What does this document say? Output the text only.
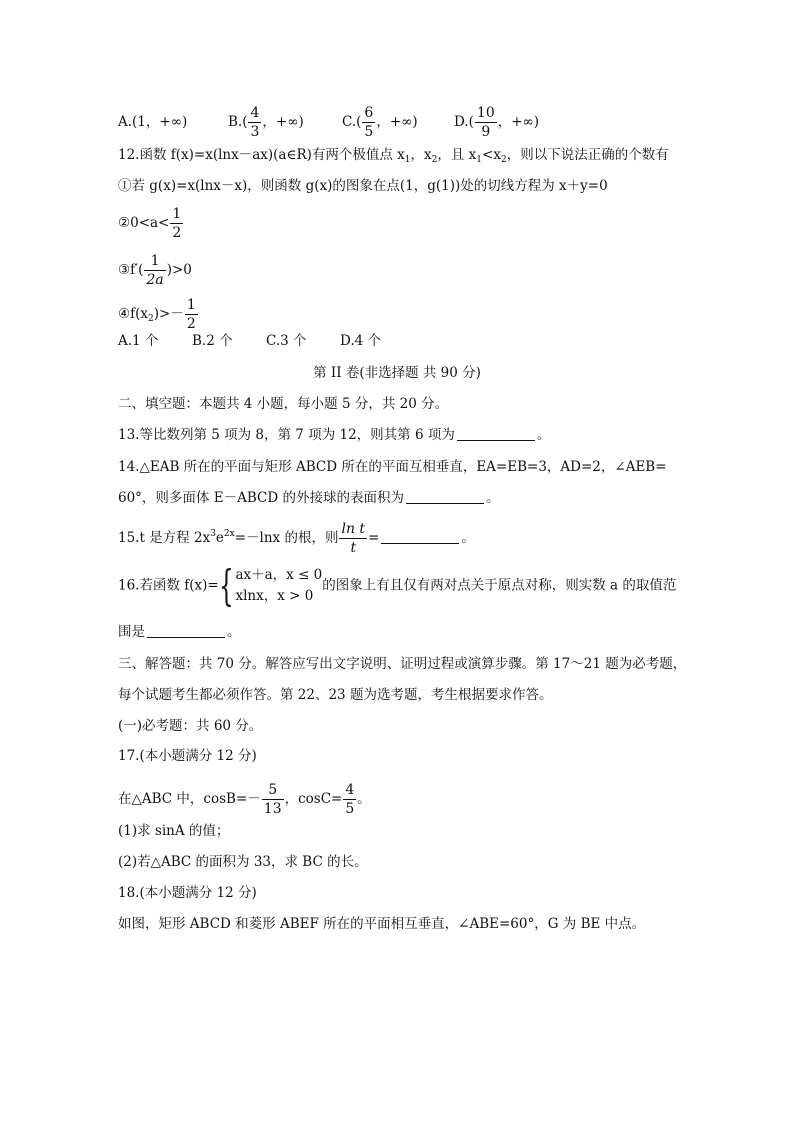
A.(1，+∞)	$B.( \frac{4}{3}$ ，+∞)	$C.( \frac{6}{5}$ ，+∞)	$D.( \frac{10}{9}$ ，+∞)
12.函数 f(x)=x(lnx－ax)(a∈R)有两个极值点 $x_1$，$x_2$，且 $x_1<x_2$，则以下说法正确的个数有
①若 g(x)=x(lnx－x)，则函数 g(x)的图象在点(1，g(1))处的切线方程为 x＋y=0
②0<a< $\frac{1}{2}$
③f′( $\frac{1}{2a} )>0$
$④f(x_2)>- \frac{1}{2}$
A.1 个 B.2 个 C.3 个 D.4 个
第 II 卷(非选择题 共 90 分)
二、填空题：本题共 4 小题，每小题 5 分，共 20 分。
13.等比数列第 5 项为 8，第 7 项为 12，则其第 6 项为	。
14.△EAB 所在的平面与矩形 ABCD 所在的平面互相垂直，EA=EB=3，AD=2，∠AEB=
60°，则多面体 E－ABCD 的外接球的表面积为	。
15.t 是方程 $2x^3e^{2x}=-\ln x$ 的根，则 $\frac{\text{ln t}}{t}$ =	。
16.若函数 f(x)={ ax＋a，x ≤ 0
xlnx，x > 0
的图象上有且仅有两对点关于原点对称，则实数 a 的取值范
围是	。
三、解答题：共 70 分。解答应写出文字说明、证明过程或演算步骤。第 17～21 题为必考题，
每个试题考生都必须作答。第 22、23 题为选考题，考生根据要求作答。
(一)必考题：共 60 分。
17.(本小题满分 12 分)
在△ABC 中，$\cos B=- \frac{5}{13}$ ，$\cos C= \frac{4}{5}$ 。
(1)求 sinA 的值；
(2)若△ABC 的面积为 33，求 BC 的长。
18.(本小题满分 12 分)
如图，矩形 ABCD 和菱形 ABEF 所在的平面相互垂直，∠ABE=60°，G 为 BE 中点。
